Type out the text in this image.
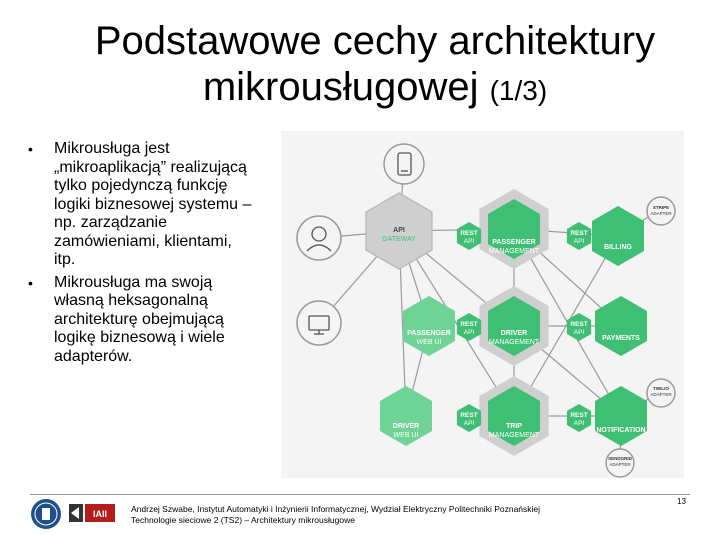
Podstawowe cechy architektury
mikrousługowej (1/3)
•	Mikrousługa jest „mikroaplikacją” realizującą tylko pojedynczą funkcję logiki biznesowej systemu – np. zarządzanie zamówieniami, klientami, itp.
•	Mikrousługa ma swoją własną heksagonalną architekturę obejmującą logikę biznesową i wiele adapterów.
API
GATEWAY	PASSENGER
MANAGEMENT
PASSENGER
WEB UI
DRIVER
MANAGEMENT
DRIVER
WEB UI
TRIP
MANAGEMENT
BILLING
PAYMENTS
NOTIFICATION
REST
API
REST
API
REST
API
REST
API
REST
API
REST
API
STRIPE
ADAPTER
TWILIO
ADAPTER
SENDGRID
ADAPTER
IAII	Andrzej Szwabe, Instytut Automatyki i Inżynierii Informatycznej, Wydział Elektryczny Politechniki Poznańskiej
Technologie sieciowe 2 (TS2) – Architektury mikrousługowe
13
